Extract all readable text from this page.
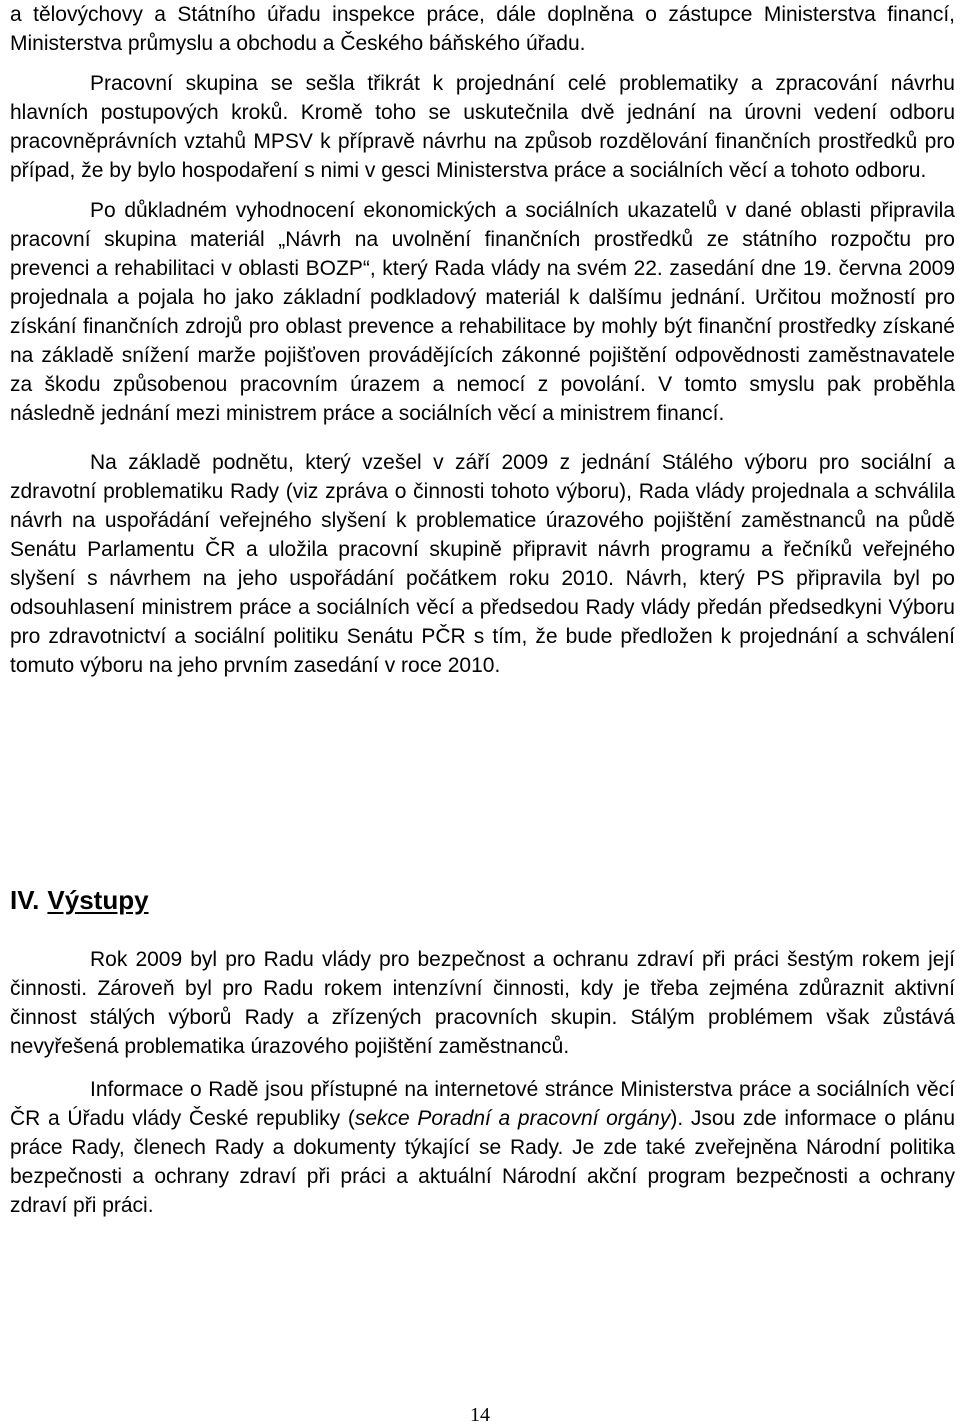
a tělovýchovy a Státního úřadu inspekce práce, dále doplněna o zástupce Ministerstva financí, Ministerstva průmyslu a obchodu a Českého báňského úřadu.

Pracovní skupina se sešla třikrát k projednání celé problematiky a zpracování návrhu hlavních postupových kroků. Kromě toho se uskutečnila dvě jednání na úrovni vedení odboru pracovněprávních vztahů MPSV k přípravě návrhu na způsob rozdělování finančních prostředků pro případ, že by bylo hospodaření s nimi v gesci Ministerstva práce a sociálních věcí a tohoto odboru.

Po důkladném vyhodnocení ekonomických a sociálních ukazatelů v dané oblasti připravila pracovní skupina materiál „Návrh na uvolnění finančních prostředků ze státního rozpočtu pro prevenci a rehabilitaci v oblasti BOZP“, který Rada vlády na svém 22. zasedání dne 19. června 2009 projednala a pojala ho jako základní podkladový materiál k dalšímu jednání. Určitou možností pro získání finančních zdrojů pro oblast prevence a rehabilitace by mohly být finanční prostředky získané na základě snížení marže pojišťoven provádějících zákonné pojištění odpovědnosti zaměstnavatele za škodu způsobenou pracovním úrazem a nemocí z povolání. V tomto smyslu pak proběhla následně jednání mezi ministrem práce a sociálních věcí a ministrem financí.

Na základě podnětu, který vzešel v září 2009 z jednání Stálého výboru pro sociální a zdravotní problematiku Rady (viz zpráva o činnosti tohoto výboru), Rada vlády projednala a schválila návrh na uspořádání veřejného slyšení k problematice úrazového pojištění zaměstnanců na půdě Senátu Parlamentu ČR a uložila pracovní skupině připravit návrh programu a řečníků veřejného slyšení s návrhem na jeho uspořádání počátkem roku 2010. Návrh, který PS připravila byl po odsouhlasení ministrem práce a sociálních věcí a předsedou Rady vlády předán předsedkyni Výboru pro zdravotnictví a sociální politiku Senátu PČR s tím, že bude předložen k projednání a schválení tomuto výboru na jeho prvním zasedání v roce 2010.

IV. Výstupy

Rok 2009 byl pro Radu vlády pro bezpečnost a ochranu zdraví při práci šestým rokem její činnosti. Zároveň byl pro Radu rokem intenzívní činnosti, kdy je třeba zejména zdůraznit aktivní činnost stálých výborů Rady a zřízených pracovních skupin. Stálým problémem však zůstává nevyřešená problematika úrazového pojištění zaměstnanců.

Informace o Radě jsou přístupné na internetové stránce Ministerstva práce a sociálních věcí ČR a Úřadu vlády České republiky (sekce Poradní a pracovní orgány). Jsou zde informace o plánu práce Rady, členech Rady a dokumenty týkající se Rady. Je zde také zveřejněna Národní politika bezpečnosti a ochrany zdraví při práci a aktuální Národní akční program bezpečnosti a ochrany zdraví při práci.

14
